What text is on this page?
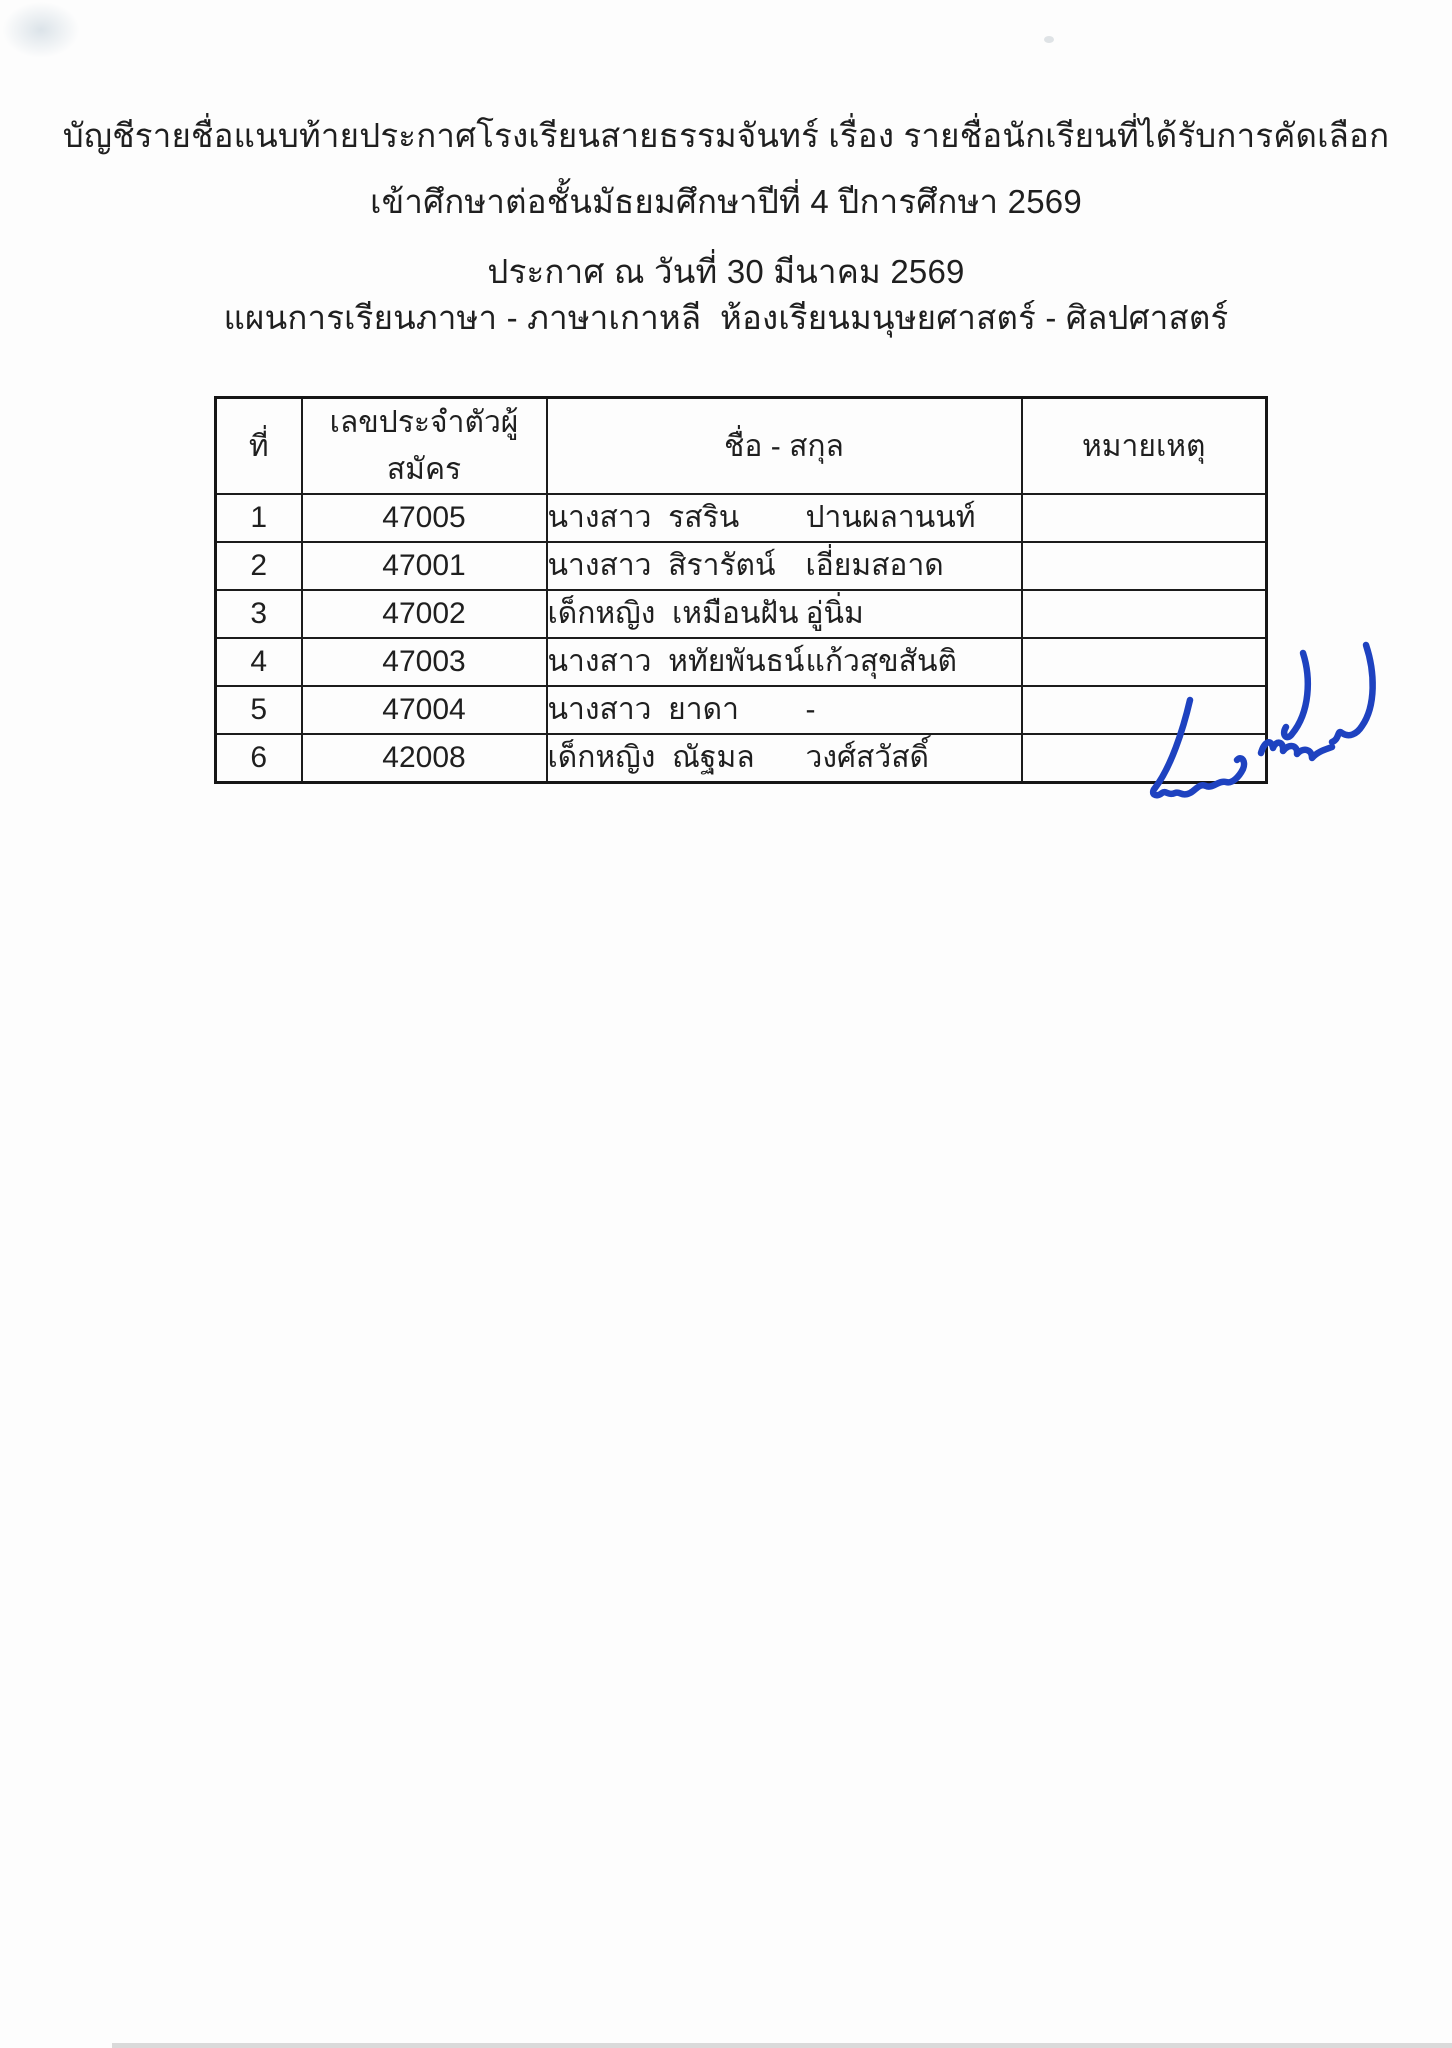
บัญชีรายชื่อแนบท้ายประกาศโรงเรียนสายธรรมจันทร์ เรื่อง รายชื่อนักเรียนที่ได้รับการคัดเลือก
เข้าศึกษาต่อชั้นมัธยมศึกษาปีที่ 4 ปีการศึกษา 2569
ประกาศ ณ วันที่ 30 มีนาคม 2569
แผนการเรียนภาษา - ภาษาเกาหลี  ห้องเรียนมนุษยศาสตร์ - ศิลปศาสตร์
ที่	เลขประจำตัวผู้สมัคร	ชื่อ - สกุล	หมายเหตุ
1	47005	นางสาว  รสริน ปานผลานนท์	
2	47001	นางสาว  สิรารัตน์ เอี่ยมสอาด	
3	47002	เด็กหญิง  เหมือนฝัน อู่นิ่ม	
4	47003	นางสาว  หทัยพันธน์แก้วสุขสันติ	
5	47004	นางสาว  ยาดา -	
6	42008	เด็กหญิง  ณัฐมล วงศ์สวัสดิ์	
